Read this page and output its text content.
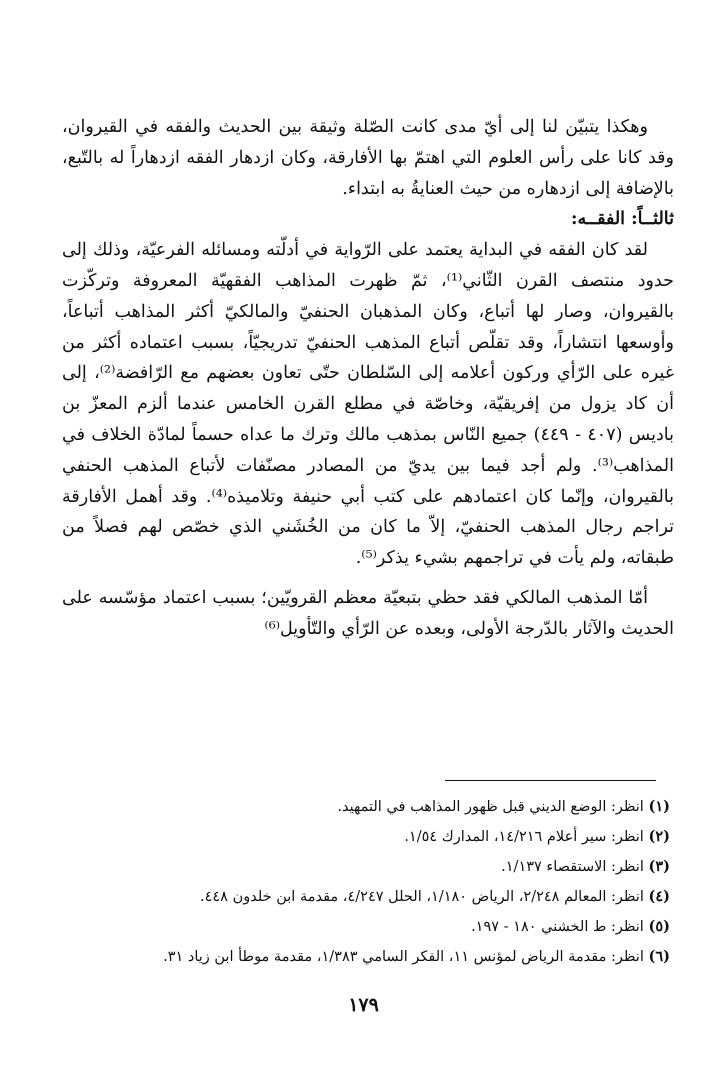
وهكذا يتبيّن لنا إلى أيّ مدى كانت الصّلة وثيقة بين الحديث والفقه في القيروان، وقد كانا على رأس العلوم التي اهتمّ بها الأفارقة، وكان ازدهار الفقه ازدهاراً له بالتّبع، بالإضافة إلى ازدهاره من حيث العنايةُ به ابتداء.

ثالثــاً: الفقــه:

لقد كان الفقه في البداية يعتمد على الرّواية في أدلّته ومسائله الفرعيّة، وذلك إلى حدود منتصف القرن الثّاني⁽¹⁾، ثمّ ظهرت المذاهب الفقهيّة المعروفة وتركّزت بالقيروان، وصار لها أتباع، وكان المذهبان الحنفيّ والمالكيّ أكثر المذاهب أتباعاً، وأوسعها انتشاراً، وقد تقلّص أتباع المذهب الحنفيّ تدريجيّاً، بسبب اعتماده أكثر من غيره على الرّأي وركون أعلامه إلى السّلطان حتّى تعاون بعضهم مع الرّافضة⁽²⁾، إلى أن كاد يزول من إفريقيّة، وخاصّة في مطلع القرن الخامس عندما ألزم المعزّ بن باديس (٤٠٧ - ٤٤٩) جميع النّاس بمذهب مالك وترك ما عداه حسماً لمادّة الخلاف في المذاهب⁽³⁾. ولم أجد فيما بين يديّ من المصادر مصنّفات لأتباع المذهب الحنفي بالقيروان، وإنّما كان اعتمادهم على كتب أبي حنيفة وتلاميذه⁽⁴⁾. وقد أهمل الأفارقة تراجم رجال المذهب الحنفيّ، إلاّ ما كان من الخُشَني الذي خصّص لهم فصلاً من طبقاته، ولم يأت في تراجمهم بشيء يذكر⁽⁵⁾.

أمّا المذهب المالكي فقد حظي بتبعيّة معظم القرويّين؛ بسبب اعتماد مؤسّسه على الحديث والآثار بالدّرجة الأولى، وبعده عن الرّأي والتّأويل⁽⁶⁾

(١) انظر: الوضع الديني قبل ظهور المذاهب في التمهيد.

(٢) انظر: سير أعلام ١٤/٢١٦، المدارك ١/٥٤.

(٣) انظر: الاستقصاء ١/١٣٧.

(٤) انظر: المعالم ٢/٢٤٨، الرياض ١/١٨٠، الحلل ٤/٢٤٧، مقدمة ابن خلدون ٤٤٨.

(٥) انظر: ط الخشني ١٨٠ - ١٩٧.

(٦) انظر: مقدمة الرياض لمؤنس ١١، الفكر السامي ١/٣٨٣، مقدمة موطأ ابن زياد ٣١.

١٧٩
